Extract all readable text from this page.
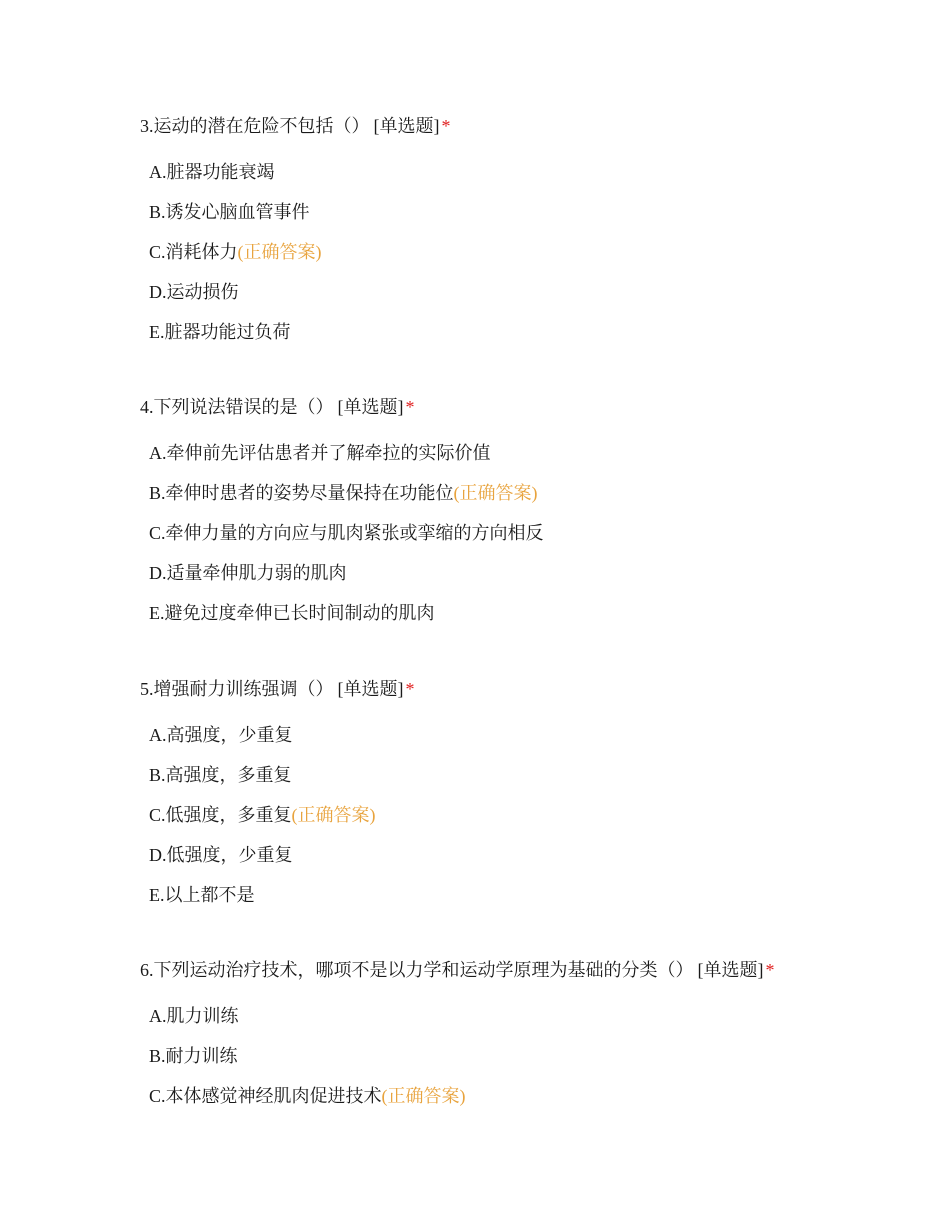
3.运动的潜在危险不包括（） [单选题] *
A.脏器功能衰竭
B.诱发心脑血管事件
C.消耗体力(正确答案)
D.运动损伤
E.脏器功能过负荷
4.下列说法错误的是（） [单选题] *
A.牵伸前先评估患者并了解牵拉的实际价值
B.牵伸时患者的姿势尽量保持在功能位(正确答案)
C.牵伸力量的方向应与肌肉紧张或挛缩的方向相反
D.适量牵伸肌力弱的肌肉
E.避免过度牵伸已长时间制动的肌肉
5.增强耐力训练强调（） [单选题] *
A.高强度，少重复
B.高强度，多重复
C.低强度，多重复(正确答案)
D.低强度，少重复
E.以上都不是
6.下列运动治疗技术，哪项不是以力学和运动学原理为基础的分类（） [单选题] *
A.肌力训练
B.耐力训练
C.本体感觉神经肌肉促进技术(正确答案)
